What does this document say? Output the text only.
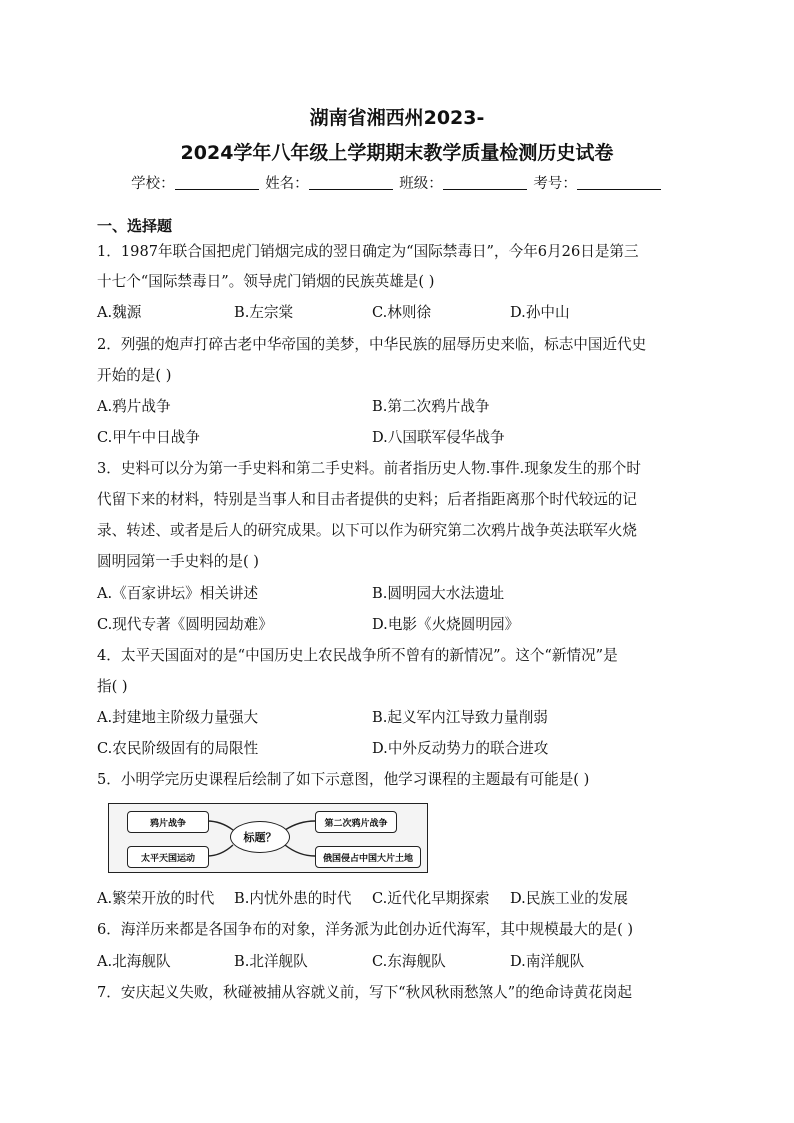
湖南省湘西州2023-
2024学年八年级上学期期末教学质量检测历史试卷
学校：	姓名：	班级：	考号：
一、选择题
1．1987年联合国把虎门销烟完成的翌日确定为“国际禁毒日”，今年6月26日是第三
十七个“国际禁毒日”。领导虎门销烟的民族英雄是( )
A.魏源	B.左宗棠	C.林则徐	D.孙中山
2．列强的炮声打碎古老中华帝国的美梦，中华民族的屈辱历史来临，标志中国近代史
开始的是( )
A.鸦片战争	B.第二次鸦片战争
C.甲午中日战争	D.八国联军侵华战争
3．史料可以分为第一手史料和第二手史料。前者指历史人物.事件.现象发生的那个时
代留下来的材料，特别是当事人和目击者提供的史料；后者指距离那个时代较远的记
录、转述、或者是后人的研究成果。以下可以作为研究第二次鸦片战争英法联军火烧
圆明园第一手史料的是( )
A.《百家讲坛》相关讲述	B.圆明园大水法遗址
C.现代专著《圆明园劫难》	D.电影《火烧圆明园》
4．太平天国面对的是“中国历史上农民战争所不曾有的新情况”。这个“新情况”是
指( )
A.封建地主阶级力量强大	B.起义军内江导致力量削弱
C.农民阶级固有的局限性	D.中外反动势力的联合进攻
5．小明学完历史课程后绘制了如下示意图，他学习课程的主题最有可能是( )
鸦片战争
太平天国运动
标题？
第二次鸦片战争
俄国侵占中国大片土地
A.繁荣开放的时代 B.内忧外患的时代 C.近代化早期探索 D.民族工业的发展
6．海洋历来都是各国争布的对象，洋务派为此创办近代海军，其中规模最大的是( )
A.北海舰队	B.北洋舰队	C.东海舰队	D.南洋舰队
7．安庆起义失败，秋碰被捕从容就义前，写下“秋风秋雨愁煞人”的绝命诗黄花岗起
